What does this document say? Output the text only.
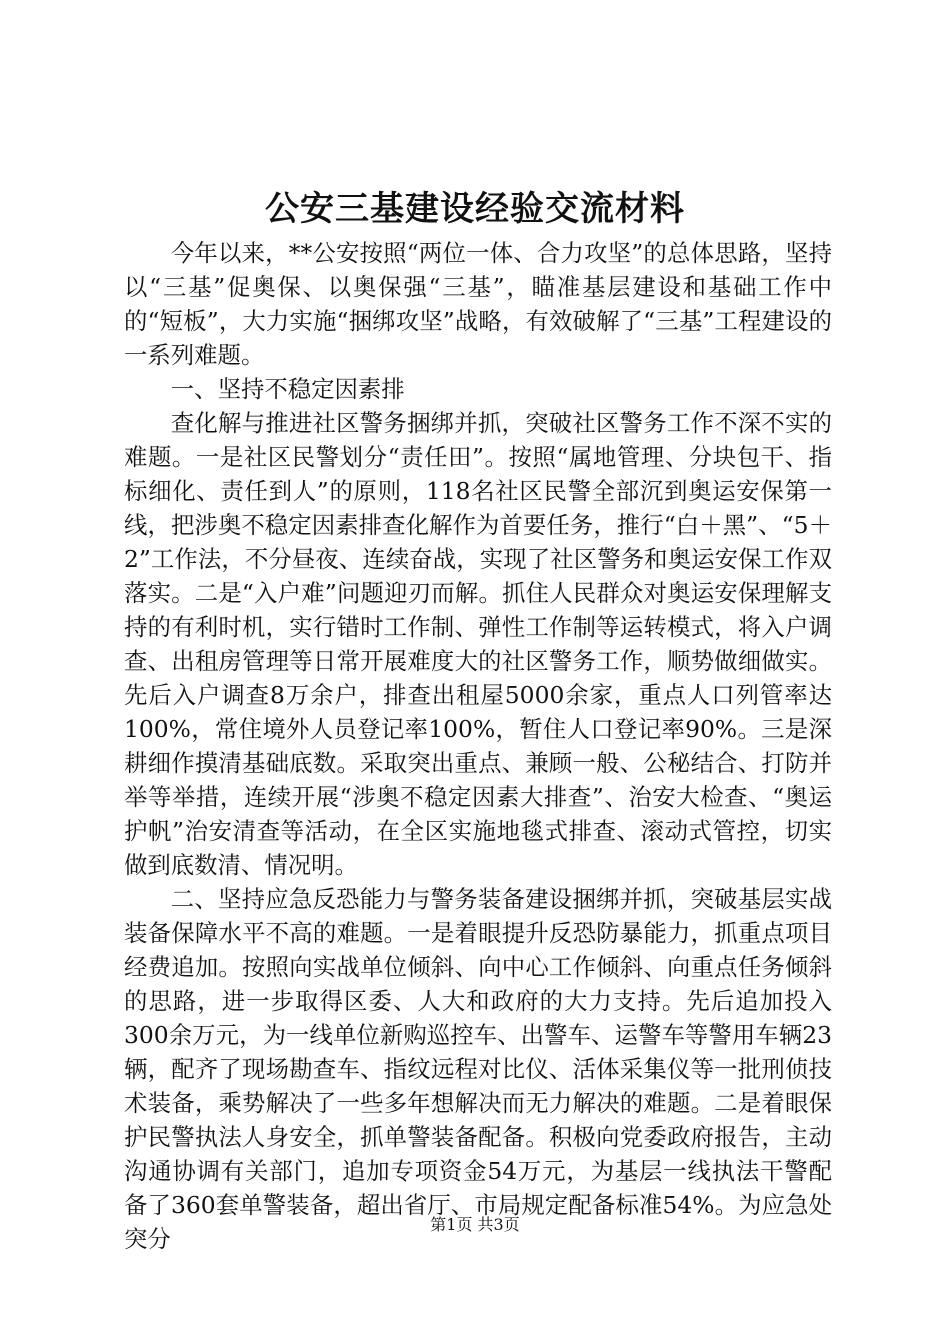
公安三基建设经验交流材料

今年以来，**公安按照“两位一体、合力攻坚”的总体思路，坚持以“三基”促奥保、以奥保强“三基”，瞄准基层建设和基础工作中的“短板”，大力实施“捆绑攻坚”战略，有效破解了“三基”工程建设的一系列难题。

一、坚持不稳定因素排

查化解与推进社区警务捆绑并抓，突破社区警务工作不深不实的难题。一是社区民警划分“责任田”。按照“属地管理、分块包干、指标细化、责任到人”的原则，118名社区民警全部沉到奥运安保第一线，把涉奥不稳定因素排查化解作为首要任务，推行“白＋黑”、“5＋2”工作法，不分昼夜、连续奋战，实现了社区警务和奥运安保工作双落实。二是“入户难”问题迎刃而解。抓住人民群众对奥运安保理解支持的有利时机，实行错时工作制、弹性工作制等运转模式，将入户调查、出租房管理等日常开展难度大的社区警务工作，顺势做细做实。先后入户调查8万余户，排查出租屋5000余家，重点人口列管率达100%，常住境外人员登记率100%，暂住人口登记率90%。三是深耕细作摸清基础底数。采取突出重点、兼顾一般、公秘结合、打防并举等举措，连续开展“涉奥不稳定因素大排查”、治安大检查、“奥运护帆”治安清查等活动，在全区实施地毯式排查、滚动式管控，切实做到底数清、情况明。

二、坚持应急反恐能力与警务装备建设捆绑并抓，突破基层实战装备保障水平不高的难题。一是着眼提升反恐防暴能力，抓重点项目经费追加。按照向实战单位倾斜、向中心工作倾斜、向重点任务倾斜的思路，进一步取得区委、人大和政府的大力支持。先后追加投入300余万元，为一线单位新购巡控车、出警车、运警车等警用车辆23辆，配齐了现场勘查车、指纹远程对比仪、活体采集仪等一批刑侦技术装备，乘势解决了一些多年想解决而无力解决的难题。二是着眼保护民警执法人身安全，抓单警装备配备。积极向党委政府报告，主动沟通协调有关部门，追加专项资金54万元，为基层一线执法干警配备了360套单警装备，超出省厅、市局规定配备标准54%。为应急处突分

第1页 共3页
